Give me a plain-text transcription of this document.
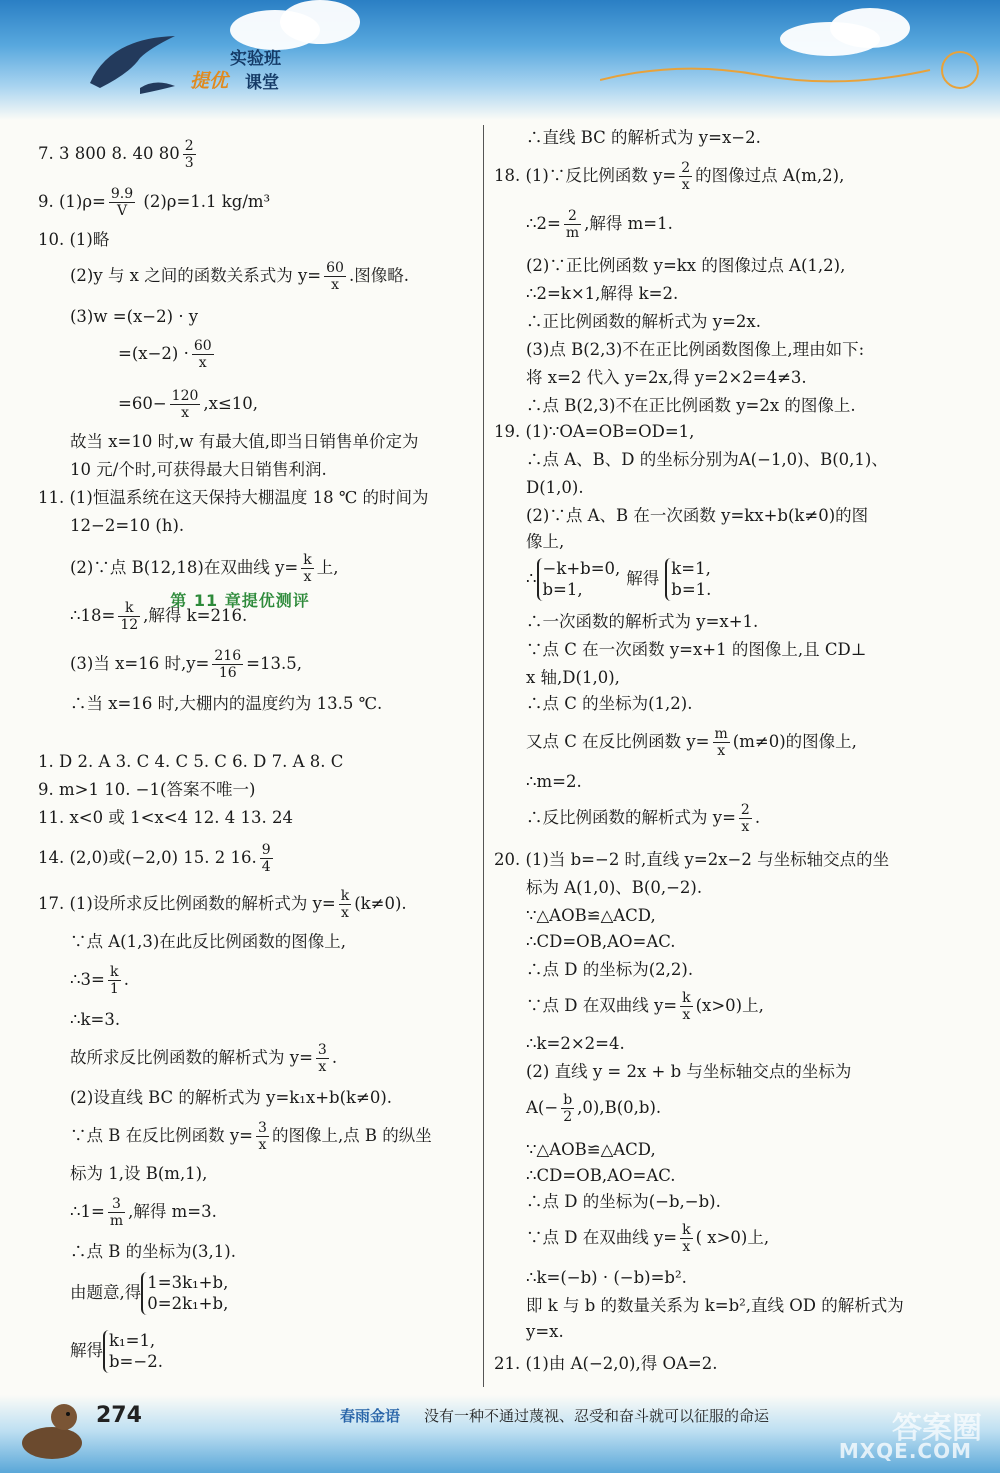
实验班
提优 课堂
7. 3 800 8. 40 $80 \frac{2}{3}$
9. $(1)\rho= \frac{9.9}{V} (2)\rho=1.1$ kg/m³
10. (1)略
(2)y 与 x 之间的函数关系式为 $y= \frac{60}{x}$ .图像略.
(3)w =(x−2) · y
$=(x-2) \cdot \frac{60}{x}$
$=60- \frac{120}{x} ,x\le 10$,
故当 x=10 时,w 有最大值,即当日销售单价定为
10 元/个时,可获得最大日销售利润.
11. (1)恒温系统在这天保持大棚温度 18 ℃ 的时间为
12−2=10 (h).
(2)∵点 B(12,18)在双曲线 $y= \frac{k}{x}$ 上,
∴18= $\frac{k}{12}$ ,解得 k=216.
(3)当 x=16 时$,y= \frac{216}{16} =13.5$,
∴当 x=16 时,大棚内的温度约为 13.5 ℃.
1. D 2. A 3. C 4. C 5. C 6. D 7. A 8. C
9. m>1 10. −1(答案不唯一)
11. x<0 或 1<x<4 12. 4 13. 24
14. (2,0)或(−2,0) 15. 2 16. $\frac{9}{4}$
17. (1)设所求反比例函数的解析式为 $y= \frac{k}{x} (k\ne 0)$.
∵点 A(1,3)在此反比例函数的图像上,
∴3= $\frac{k}{1}$ .
∴k=3.
故所求反比例函数的解析式为 $y= \frac{3}{x}$ .
(2)设直线 BC 的解析式为 y=k₁x+b(k≠0).
∵点 B 在反比例函数 $y= \frac{3}{x}$ 的图像上,点 B 的纵坐
标为 1,设 B(m,1),
∴1= $\frac{3}{m}$ ,解得 m=3.
∴点 B 的坐标为(3,1).
由题意,得
1=3k₁+b,
0=2k₁+b,
解得
k₁=1,
b=−2.
第 11 章提优测评
∴直线 BC 的解析式为 y=x−2.
18. (1)∵反比例函数 $y= \frac{2}{x}$ 的图像过点 A(m,2),
∴2= $\frac{2}{m}$ ,解得 m=1.
(2)∵正比例函数 y=kx 的图像过点 A(1,2),
∴2=k×1,解得 k=2.
∴正比例函数的解析式为 y=2x.
(3)点 B(2,3)不在正比例函数图像上,理由如下:
将 x=2 代入 y=2x,得 y=2×2=4≠3.
∴点 B(2,3)不在正比例函数 y=2x 的图像上.
19. (1)∵OA=OB=OD=1,
∴点 A、B、D 的坐标分别为A(−1,0)、B(0,1)、
D(1,0).
(2)∵点 A、B 在一次函数 y=kx+b(k≠0)的图
像上,
∴
−k+b=0,
b=1,
解得
k=1,
b=1.
∴一次函数的解析式为 y=x+1.
∵点 C 在一次函数 y=x+1 的图像上,且 CD⊥
x 轴,D(1,0),
∴点 C 的坐标为(1,2).
又点 C 在反比例函数 $y= \frac{m}{x} (m\ne 0)$的图像上,
∴m=2.
∴反比例函数的解析式为 $y= \frac{2}{x}$ .
20. (1)当 b=−2 时,直线 y=2x−2 与坐标轴交点的坐
标为 A(1,0)、B(0,−2).
∵△AOB≌△ACD,
∴CD=OB,AO=AC.
∴点 D 的坐标为(2,2).
∵点 D 在双曲线 $y= \frac{k}{x} (x>0)$上,
∴k=2×2=4.
(2) 直线 y = 2x + b 与坐标轴交点的坐标为
$A(- \frac{b}{2} ,0),B(0,b)$.
∵△AOB≌△ACD,
∴CD=OB,AO=AC.
∴点 D 的坐标为(−b,−b).
∵点 D 在双曲线 $y= \frac{k}{x}$ ( x>0)上,
∴k=(−b) · (−b)=b².
即 k 与 b 的数量关系为 k=b²,直线 OD 的解析式为
y=x.
21. (1)由 A(−2,0),得 OA=2.
274	春雨金语 没有一种不通过蔑视、忍受和奋斗就可以征服的命运	答案圈
MXQE.COM
